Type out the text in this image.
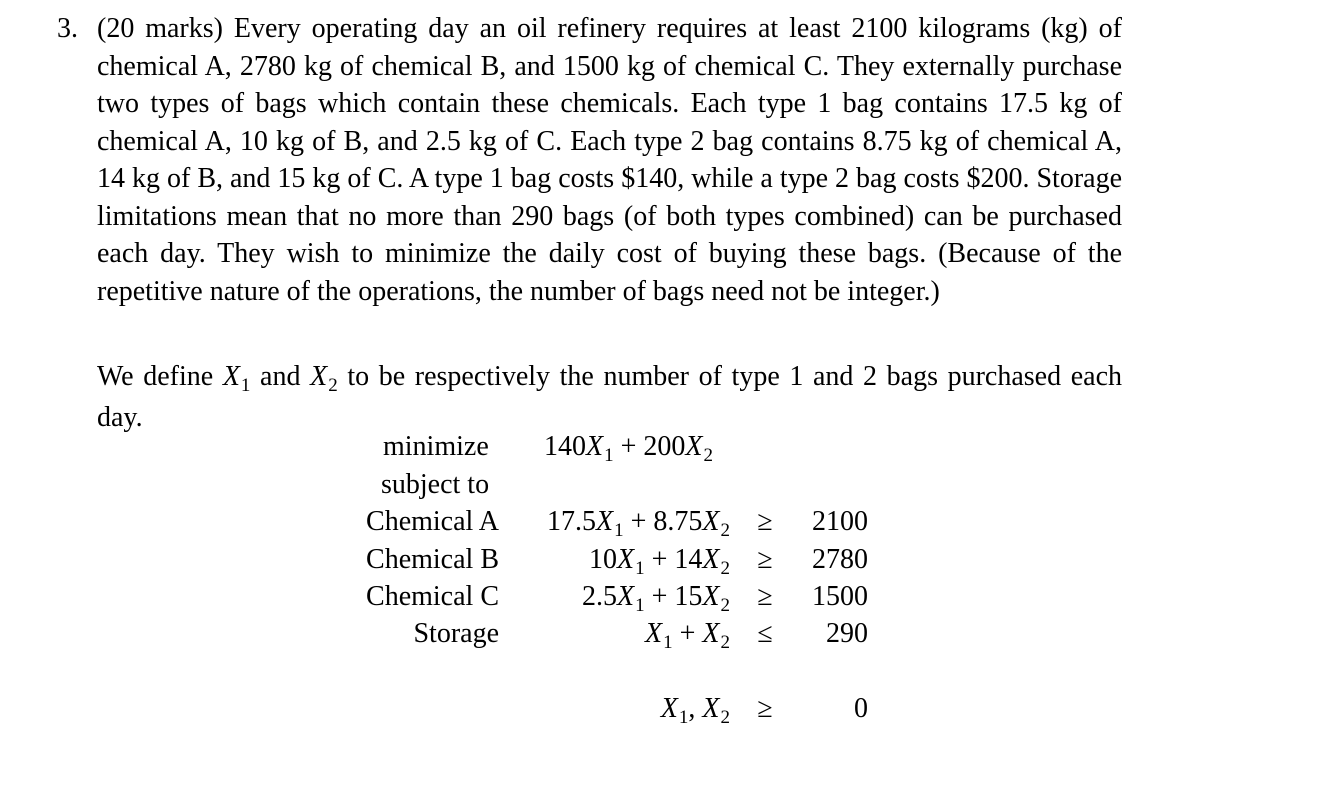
3. (20 marks) Every operating day an oil refinery requires at least 2100 kilograms (kg) of chemical A, 2780 kg of chemical B, and 1500 kg of chemical C. They externally purchase two types of bags which contain these chemicals. Each type 1 bag contains 17.5 kg of chemical A, 10 kg of B, and 2.5 kg of C. Each type 2 bag contains 8.75 kg of chemical A, 14 kg of B, and 15 kg of C. A type 1 bag costs $140, while a type 2 bag costs $200. Storage limitations mean that no more than 290 bags (of both types combined) can be purchased each day. They wish to minimize the daily cost of buying these bags. (Because of the repetitive nature of the operations, the number of bags need not be integer.)

We define $X_1$ and $X_2$ to be respectively the number of type 1 and 2 bags purchased each day.

minimize $140X_1 + 200X_2$
subject to
Chemical A $17.5X_1 + 8.75X_2 \ge 2100$
Chemical B	$10X_1 + 14X_2 \ge 2780$
Chemical C	$2.5X_1 + 15X_2 \ge 1500$
Storage	$X_1 + X_2 \le 290$
$X_1$, $X_2$ ≥	0
